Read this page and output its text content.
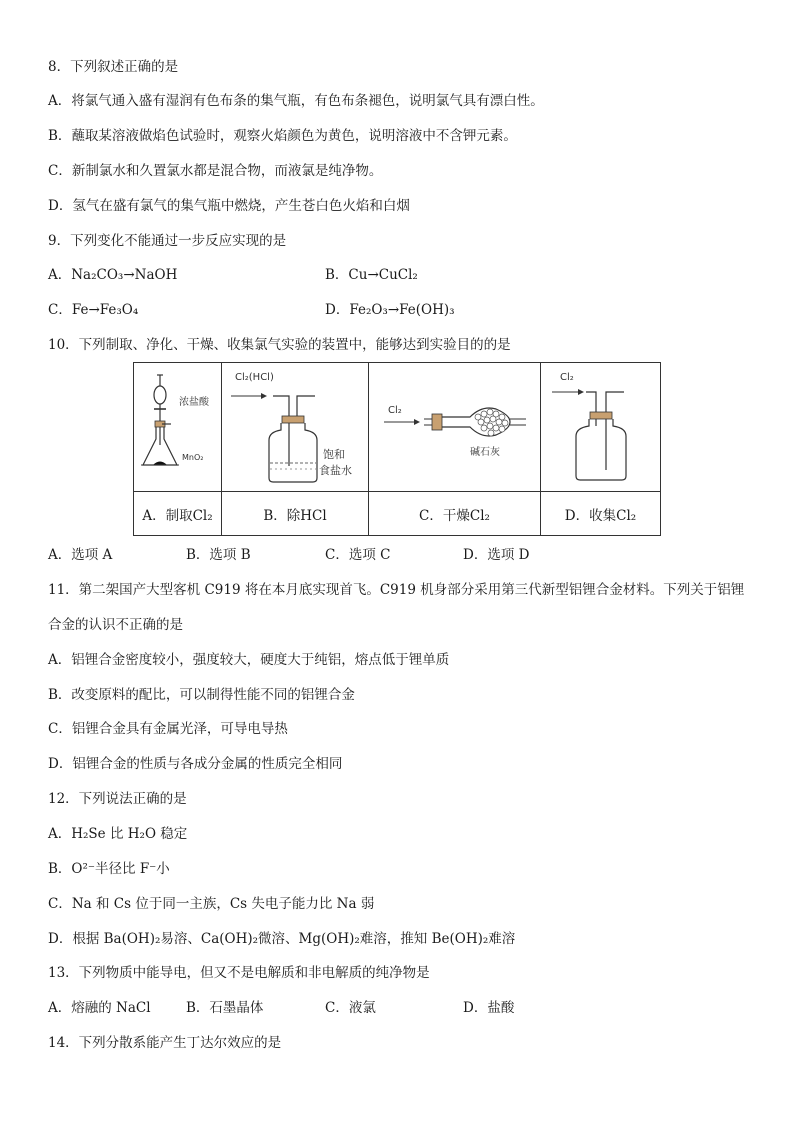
8．下列叙述正确的是
A．将氯气通入盛有湿润有色布条的集气瓶，有色布条褪色，说明氯气具有漂白性。
B．蘸取某溶液做焰色试验时，观察火焰颜色为黄色，说明溶液中不含钾元素。
C．新制氯水和久置氯水都是混合物，而液氯是纯净物。
D．氢气在盛有氯气的集气瓶中燃烧，产生苍白色火焰和白烟
9．下列变化不能通过一步反应实现的是
A．Na₂CO₃→NaOH	B．Cu→CuCl₂
C．Fe→Fe₃O₄	D．Fe₂O₃→Fe(OH)₃
10．下列制取、净化、干燥、收集氯气实验的装置中，能够达到实验目的的是
浓盐酸
MnO₂	Cl₂(HCl)
饱和
食盐水	Cl₂
碱石灰	Cl₂

A．制取Cl₂	B．除HCl	C．干燥Cl₂	D．收集Cl₂
A．选项 A	B．选项 B	C．选项 C	D．选项 D
11．第二架国产大型客机 C919 将在本月底实现首飞。C919 机身部分采用第三代新型铝锂合金材料。下列关于铝锂
合金的认识不正确的是
A．铝锂合金密度较小，强度较大，硬度大于纯铝，熔点低于锂单质
B．改变原料的配比，可以制得性能不同的铝锂合金
C．铝锂合金具有金属光泽，可导电导热
D．铝锂合金的性质与各成分金属的性质完全相同
12．下列说法正确的是
A．H₂Se 比 H₂O 稳定
B．O²⁻半径比 F⁻小
C．Na 和 Cs 位于同一主族，Cs 失电子能力比 Na 弱
D．根据 Ba(OH)₂易溶、Ca(OH)₂微溶、Mg(OH)₂难溶，推知 Be(OH)₂难溶
13．下列物质中能导电，但又不是电解质和非电解质的纯净物是
A．熔融的 NaCl	B．石墨晶体	C．液氯	D．盐酸
14．下列分散系能产生丁达尔效应的是
